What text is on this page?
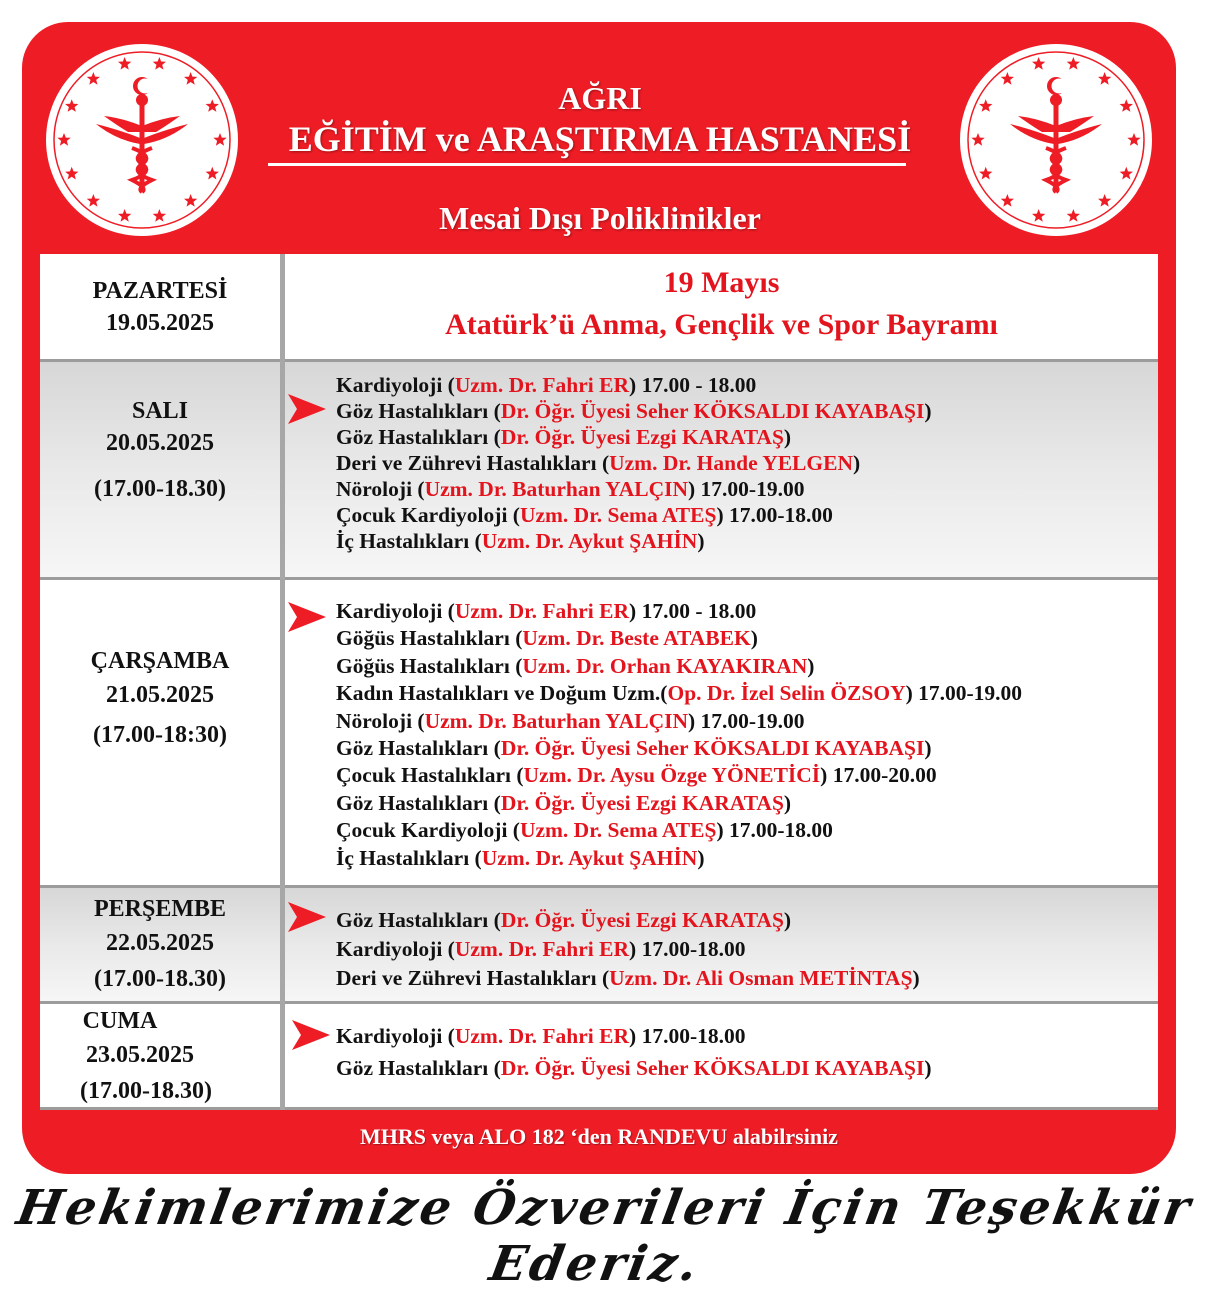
AĞRI
EĞİTİM ve ARAŞTIRMA HASTANESİ
Mesai Dışı Poliklinikler
PAZARTESİ
19.05.2025
19 Mayıs
Atatürk’ü Anma, Gençlik ve Spor Bayramı
SALI
20.05.2025
(17.00-18.30)
Kardiyoloji (Uzm. Dr. Fahri ER) 17.00 - 18.00
Göz Hastalıkları (Dr. Öğr. Üyesi Seher KÖKSALDI KAYABAŞI)
Göz Hastalıkları (Dr. Öğr. Üyesi Ezgi KARATAŞ)
Deri ve Zührevi Hastalıkları (Uzm. Dr. Hande YELGEN)
Nöroloji (Uzm. Dr. Baturhan YALÇIN) 17.00-19.00
Çocuk Kardiyoloji (Uzm. Dr. Sema ATEŞ) 17.00-18.00
İç Hastalıkları (Uzm. Dr. Aykut ŞAHİN)
ÇARŞAMBA
21.05.2025
(17.00-18:30)
Kardiyoloji (Uzm. Dr. Fahri ER) 17.00 - 18.00
Göğüs Hastalıkları (Uzm. Dr. Beste ATABEK)
Göğüs Hastalıkları (Uzm. Dr. Orhan KAYAKIRAN)
Kadın Hastalıkları ve Doğum Uzm.(Op. Dr. İzel Selin ÖZSOY) 17.00-19.00
Nöroloji (Uzm. Dr. Baturhan YALÇIN) 17.00-19.00
Göz Hastalıkları (Dr. Öğr. Üyesi Seher KÖKSALDI KAYABAŞI)
Çocuk Hastalıkları (Uzm. Dr. Aysu Özge YÖNETİCİ) 17.00-20.00
Göz Hastalıkları (Dr. Öğr. Üyesi Ezgi KARATAŞ)
Çocuk Kardiyoloji (Uzm. Dr. Sema ATEŞ) 17.00-18.00
İç Hastalıkları (Uzm. Dr. Aykut ŞAHİN)
PERŞEMBE
22.05.2025
(17.00-18.30)
Göz Hastalıkları (Dr. Öğr. Üyesi Ezgi KARATAŞ)
Kardiyoloji (Uzm. Dr. Fahri ER) 17.00-18.00
Deri ve Zührevi Hastalıkları (Uzm. Dr. Ali Osman METİNTAŞ)
CUMA
23.05.2025
(17.00-18.30)
Kardiyoloji (Uzm. Dr. Fahri ER) 17.00-18.00
Göz Hastalıkları (Dr. Öğr. Üyesi Seher KÖKSALDI KAYABAŞI)
MHRS veya ALO 182 ‘den RANDEVU alabilrsiniz
Hekimlerimize Özverileri İçin Teşekkür Ederiz.
